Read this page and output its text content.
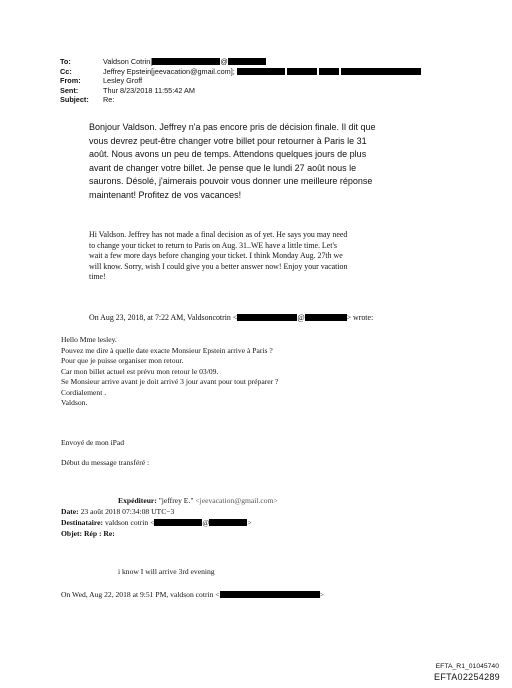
To:	Valdson Cotrin[	@
Cc:	Jeffrey Epstein[jeevacation@gmail.com];
From:	Lesley Groff
Sent:	Thur 8/23/2018 11:55:42 AM
Subject: Re:
Bonjour Valdson. Jeffrey n'a pas encore pris de décision finale. Il dit que
vous devrez peut-être changer votre billet pour retourner à Paris le 31
août. Nous avons un peu de temps. Attendons quelques jours de plus
avant de changer votre billet. Je pense que le lundi 27 août nous le
saurons. Désolé, j'aimerais pouvoir vous donner une meilleure réponse
maintenant! Profitez de vos vacances!
Hi Valdson. Jeffrey has not made a final decision as of yet. He says you may need
to change your ticket to return to Paris on Aug. 31..WE have a little time. Let's
wait a few more days before changing your ticket. I think Monday Aug. 27th we
will know. Sorry, wish I could give you a better answer now! Enjoy your vacation
time!
On Aug 23, 2018, at 7:22 AM, Valdsoncotrin <	@	> wrote:
Hello Mme lesley.
Pouvez me dire à quelle date exacte Monsieur Epstein arrive à Paris ?
Pour que je puisse organiser mon retour.
Car mon billet actuel est prévu mon retour le 03/09.
Se Monsieur arrive avant je doit arrivé 3 jour avant pour tout préparer ?
Cordialement .
Valdson.
Envoyé de mon iPad
Début du message transféré :
Expéditeur: "jeffrey E." <jeevacation@gmail.com>
Date: 23 août 2018 07:34:08 UTC−3
Destinataire: valdson cotrin <	@	>
Objet: Rép : Re:
i know I will arrive 3rd evening
On Wed, Aug 22, 2018 at 9:51 PM, valdson cotrin <	>
EFTA_R1_01045740
EFTA02254289
